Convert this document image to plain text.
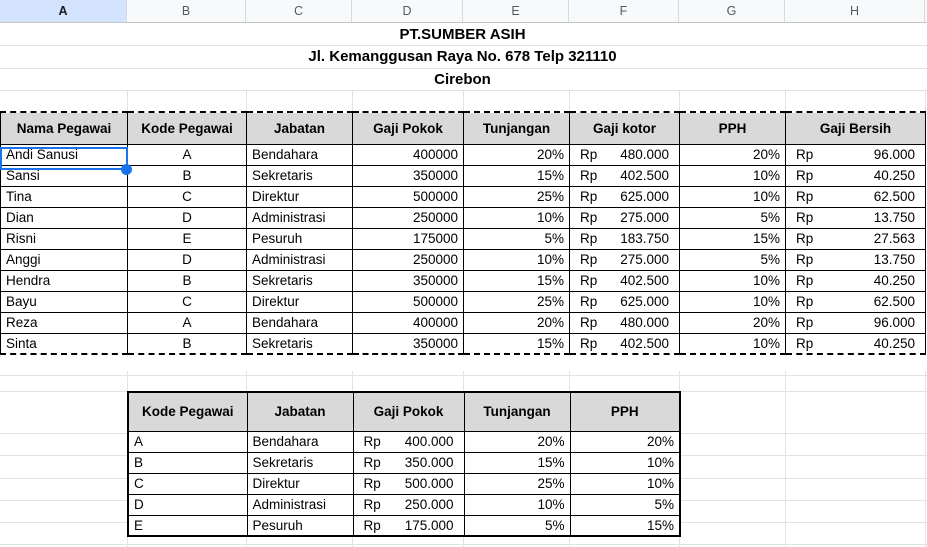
A	B	C	D	E	F	G	H
PT.SUMBER ASIH
Jl. Kemanggusan Raya No. 678 Telp 321110
Cirebon
Nama Pegawai	Kode Pegawai	Jabatan	Gaji Pokok	Tunjangan	Gaji kotor	PPH	Gaji Bersih
Andi Sanusi	A	Bendahara	400000	20%	Rp 480.000	20%	Rp 96.000

Sansi	B	Sekretaris	350000	15%	Rp 402.500	10%	Rp 40.250

Tina	C	Direktur	500000	25%	Rp 625.000	10%	Rp 62.500

Dian	D	Administrasi	250000	10%	Rp 275.000	5%	Rp 13.750

Risni	E	Pesuruh	175000	5%	Rp 183.750	15%	Rp 27.563

Anggi	D	Administrasi	250000	10%	Rp 275.000	5%	Rp 13.750

Hendra	B	Sekretaris	350000	15%	Rp 402.500	10%	Rp 40.250

Bayu	C	Direktur	500000	25%	Rp 625.000	10%	Rp 62.500

Reza	A	Bendahara	400000	20%	Rp 480.000	20%	Rp 96.000

Sinta	B	Sekretaris	350000	15%	Rp 402.500	10%	Rp 40.250
Kode Pegawai	Jabatan	Gaji Pokok	Tunjangan	PPH
A	Bendahara	Rp 400.000	20%	20%
B	Sekretaris	Rp 350.000	15%	10%
C	Direktur	Rp 500.000	25%	10%
D	Administrasi	Rp 250.000	10%	5%
E	Pesuruh	Rp 175.000	5%	15%
